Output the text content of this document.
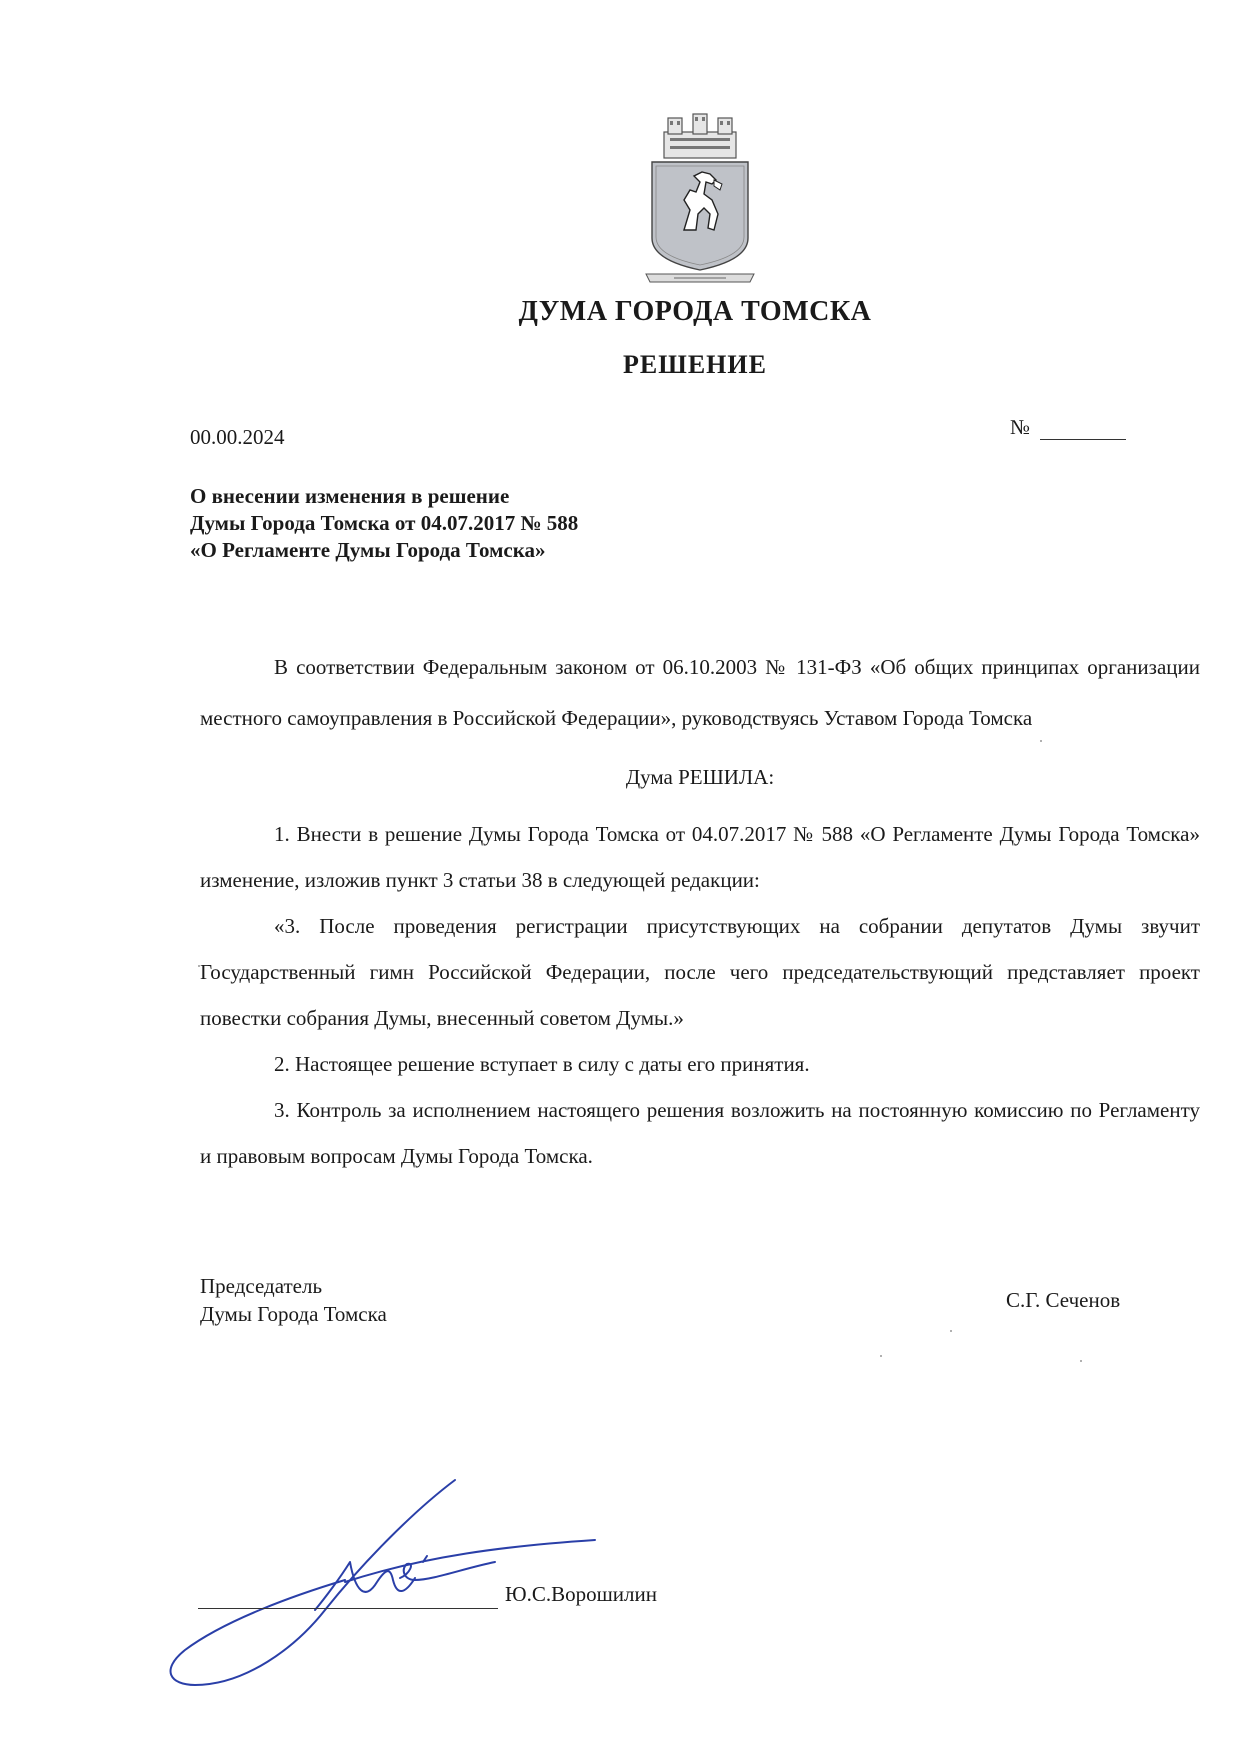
ДУМА ГОРОДА ТОМСКА
РЕШЕНИЕ
00.00.2024	№
О внесении изменения в решение
Думы Города Томска от 04.07.2017 № 588
«О Регламенте Думы Города Томска»

В соответствии Федеральным законом от 06.10.2003 № 131-ФЗ «Об общих принципах организации местного самоуправления в Российской Федерации», руководствуясь Уставом Города Томска

Дума РЕШИЛА:

1. Внести в решение Думы Города Томска от 04.07.2017 № 588 «О Регламенте Думы Города Томска» изменение, изложив пункт 3 статьи 38 в следующей редакции:

«3. После проведения регистрации присутствующих на собрании депутатов Думы звучит Государственный гимн Российской Федерации, после чего председательствующий представляет проект повестки собрания Думы, внесенный советом Думы.»

2. Настоящее решение вступает в силу с даты его принятия.

3. Контроль за исполнением настоящего решения возложить на постоянную комиссию по Регламенту и правовым вопросам Думы Города Томска.

Председатель
Думы Города Томска
С.Г. Сеченов
Ю.С.Ворошилин
